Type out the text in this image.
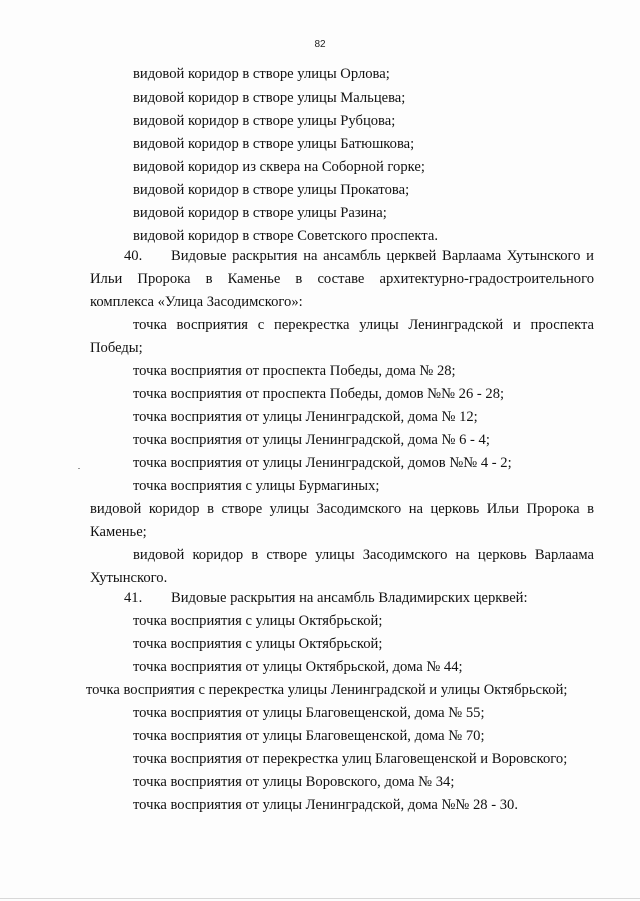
82
видовой коридор в створе улицы Орлова;
видовой коридор в створе улицы Мальцева;
видовой коридор в створе улицы Рубцова;
видовой коридор в створе улицы Батюшкова;
видовой коридор из сквера на Соборной горке;
видовой коридор в створе улицы Прокатова;
видовой коридор в створе улицы Разина;
видовой коридор в створе Советского проспекта.
40. Видовые раскрытия на ансамбль церквей Варлаама Хутынского и
Ильи Пророка в Каменье в составе архитектурно-градостроительного
комплекса «Улица Засодимского»:
точка восприятия с перекрестка улицы Ленинградской и проспекта
Победы;
точка восприятия от проспекта Победы, дома № 28;
точка восприятия от проспекта Победы, домов №№ 26 - 28;
точка восприятия от улицы Ленинградской, дома № 12;
точка восприятия от улицы Ленинградской, дома № 6 - 4;
точка восприятия от улицы Ленинградской, домов №№ 4 - 2;
точка восприятия с улицы Бурмагиных;
видовой коридор в створе улицы Засодимского на церковь Ильи Пророка в
Каменье;
видовой коридор в створе улицы Засодимского на церковь Варлаама
Хутынского.
41. Видовые раскрытия на ансамбль Владимирских церквей:
точка восприятия с улицы Октябрьской;
точка восприятия с улицы Октябрьской;
точка восприятия от улицы Октябрьской, дома № 44;
точка восприятия с перекрестка улицы Ленинградской и улицы Октябрьской;
точка восприятия от улицы Благовещенской, дома № 55;
точка восприятия от улицы Благовещенской, дома № 70;
точка восприятия от перекрестка улиц Благовещенской и Воровского;
точка восприятия от улицы Воровского, дома № 34;
точка восприятия от улицы Ленинградской, дома №№ 28 - 30.
